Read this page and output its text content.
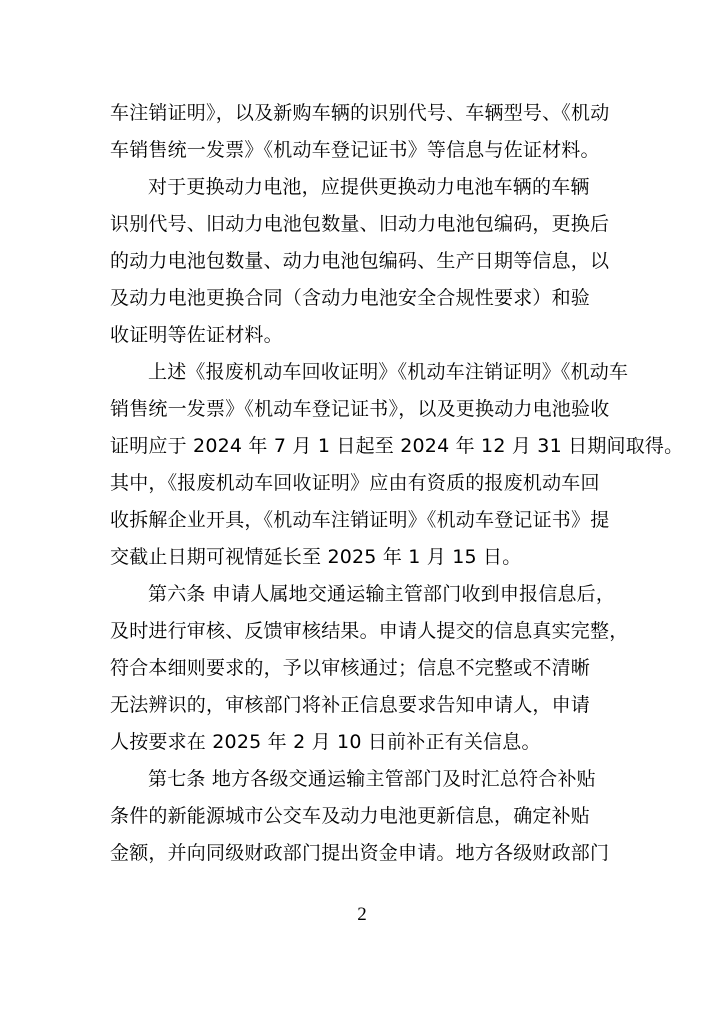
车注销证明》，以及新购车辆的识别代号、车辆型号、《机动
车销售统一发票》《机动车登记证书》等信息与佐证材料。
对于更换动力电池，应提供更换动力电池车辆的车辆
识别代号、旧动力电池包数量、旧动力电池包编码，更换后
的动力电池包数量、动力电池包编码、生产日期等信息，以
及动力电池更换合同（含动力电池安全合规性要求）和验
收证明等佐证材料。
上述《报废机动车回收证明》《机动车注销证明》《机动车
销售统一发票》《机动车登记证书》，以及更换动力电池验收
证明应于 2024 年 7 月 1 日起至 2024 年 12 月 31 日期间取得。
其中，《报废机动车回收证明》应由有资质的报废机动车回
收拆解企业开具，《机动车注销证明》《机动车登记证书》提
交截止日期可视情延长至 2025 年 1 月 15 日。
第六条 申请人属地交通运输主管部门收到申报信息后，
及时进行审核、反馈审核结果。申请人提交的信息真实完整，
符合本细则要求的，予以审核通过；信息不完整或不清晰
无法辨识的，审核部门将补正信息要求告知申请人，申请
人按要求在 2025 年 2 月 10 日前补正有关信息。
第七条 地方各级交通运输主管部门及时汇总符合补贴
条件的新能源城市公交车及动力电池更新信息，确定补贴
金额，并向同级财政部门提出资金申请。地方各级财政部门
2
